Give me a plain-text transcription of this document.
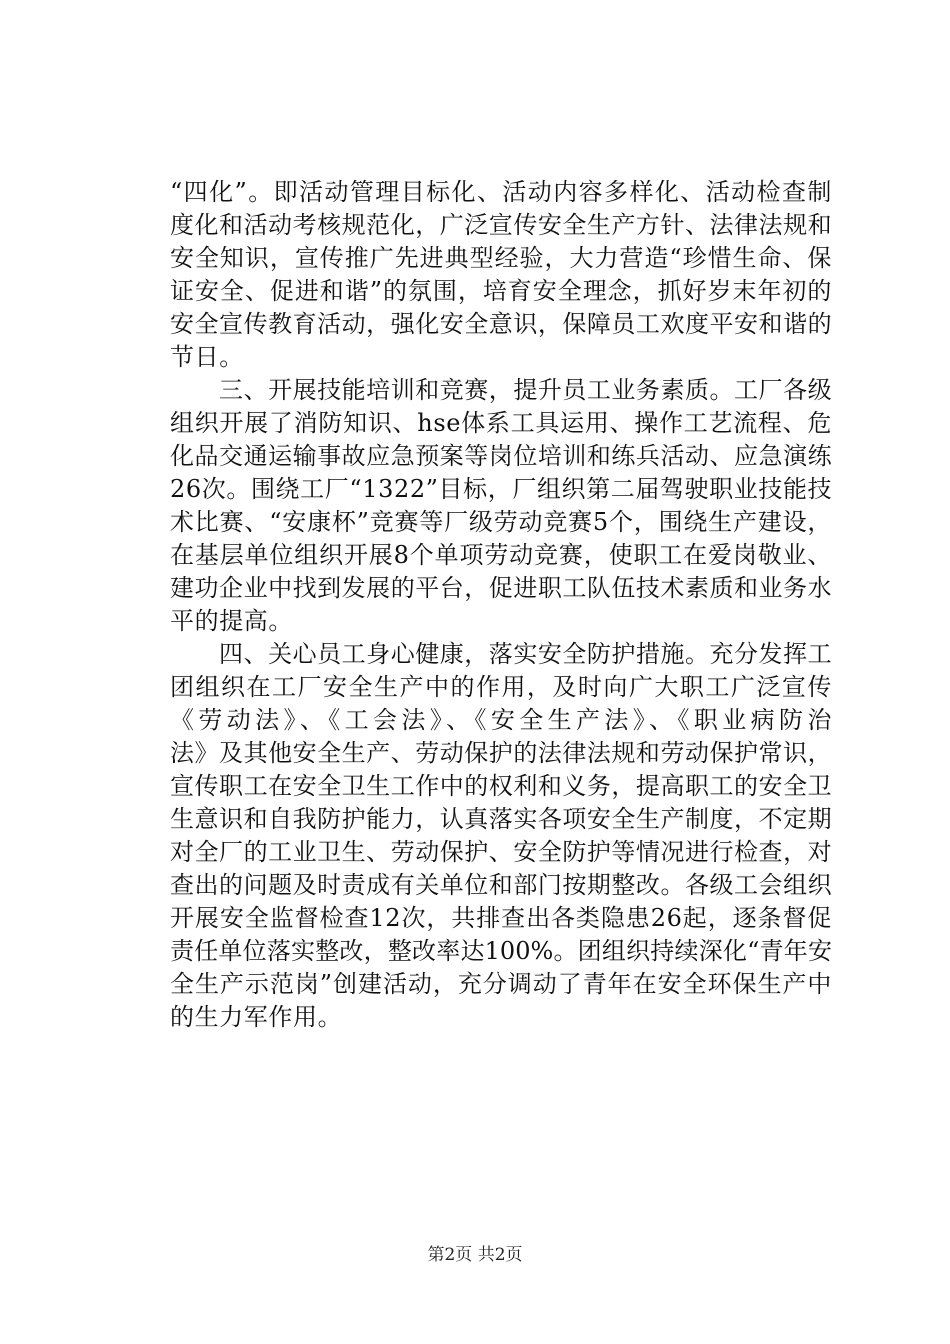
“四化”。即活动管理目标化、活动内容多样化、活动检查制
度化和活动考核规范化，广泛宣传安全生产方针、法律法规和
安全知识，宣传推广先进典型经验，大力营造“珍惜生命、保
证安全、促进和谐”的氛围，培育安全理念，抓好岁末年初的
安全宣传教育活动，强化安全意识，保障员工欢度平安和谐的
节日。
　　三、开展技能培训和竞赛，提升员工业务素质。工厂各级
组织开展了消防知识、hse体系工具运用、操作工艺流程、危
化品交通运输事故应急预案等岗位培训和练兵活动、应急演练
26次。围绕工厂“1322”目标，厂组织第二届驾驶职业技能技
术比赛、“安康杯”竞赛等厂级劳动竞赛5个，围绕生产建设，
在基层单位组织开展8个单项劳动竞赛，使职工在爱岗敬业、
建功企业中找到发展的平台，促进职工队伍技术素质和业务水
平的提高。
　　四、关心员工身心健康，落实安全防护措施。充分发挥工
团组织在工厂安全生产中的作用，及时向广大职工广泛宣传
《劳动法》、《工会法》、《安全生产法》、《职业病防治
法》及其他安全生产、劳动保护的法律法规和劳动保护常识，
宣传职工在安全卫生工作中的权利和义务，提高职工的安全卫
生意识和自我防护能力，认真落实各项安全生产制度，不定期
对全厂的工业卫生、劳动保护、安全防护等情况进行检查，对
查出的问题及时责成有关单位和部门按期整改。各级工会组织
开展安全监督检查12次，共排查出各类隐患26起，逐条督促
责任单位落实整改，整改率达100%。团组织持续深化“青年安
全生产示范岗”创建活动，充分调动了青年在安全环保生产中
的生力军作用。
第2页 共2页
